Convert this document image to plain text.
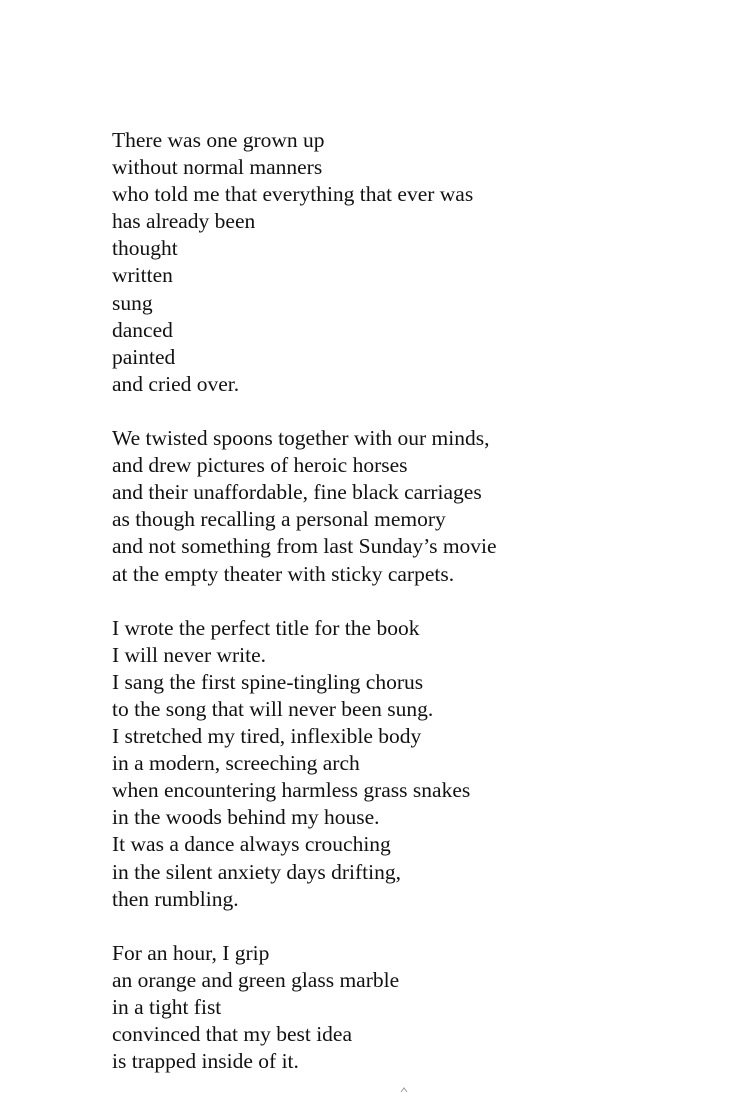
There was one grown up
without normal manners
who told me that everything that ever was
has already been
thought
written
sung
danced
painted
and cried over.
We twisted spoons together with our minds,
and drew pictures of heroic horses
and their unaffordable, fine black carriages
as though recalling a personal memory
and not something from last Sunday’s movie
at the empty theater with sticky carpets.
I wrote the perfect title for the book
I will never write.
I sang the first spine-tingling chorus
to the song that will never been sung.
I stretched my tired, inflexible body
in a modern, screeching arch
when encountering harmless grass snakes
in the woods behind my house.
It was a dance always crouching
in the silent anxiety days drifting,
then rumbling.
For an hour, I grip
an orange and green glass marble
in a tight fist
convinced that my best idea
is trapped inside of it.
